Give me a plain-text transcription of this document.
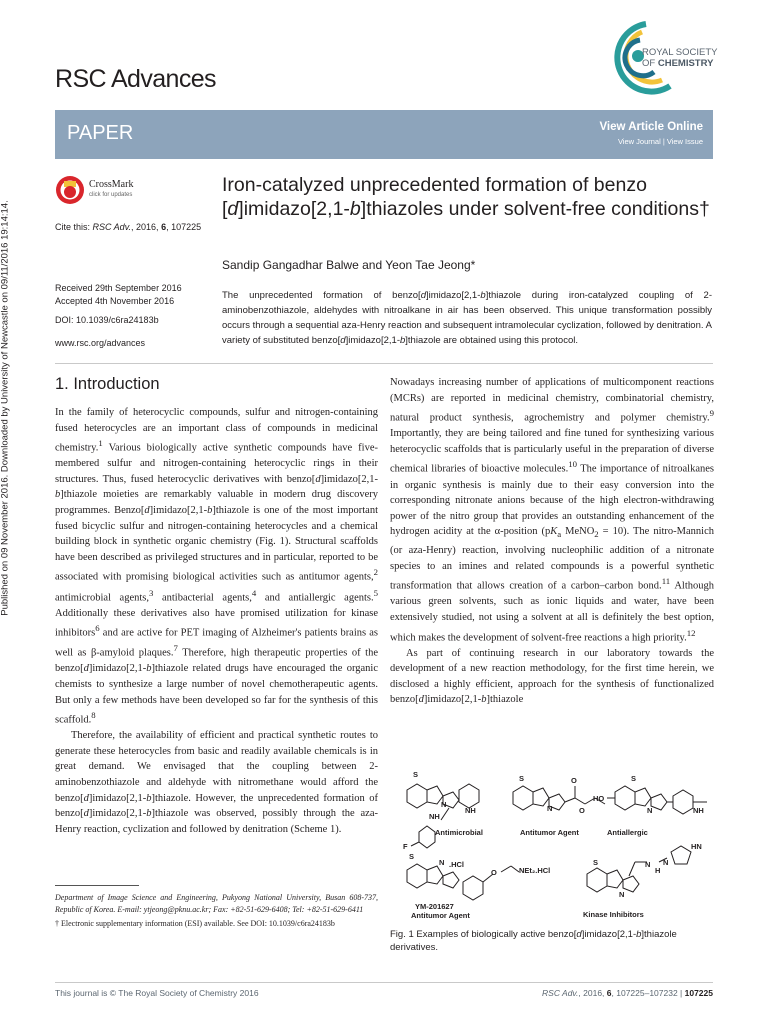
Published on 09 November 2016. Downloaded by University of Newcastle on 09/11/2016 19:14:14.
RSC Advances
ROYAL SOCIETY
OF CHEMISTRY
PAPER	View Article Online
View Journal | View Issue
CrossMark
click for updates
Cite this: RSC Adv., 2016, 6, 107225
Iron-catalyzed unprecedented formation of benzo [d]imidazo[2,1-b]thiazoles under solvent-free conditions†
Sandip Gangadhar Balwe and Yeon Tae Jeong*
Received 29th September 2016
Accepted 4th November 2016
DOI: 10.1039/c6ra24183b
www.rsc.org/advances
The unprecedented formation of benzo[d]imidazo[2,1-b]thiazole during iron-catalyzed coupling of 2-aminobenzothiazole, aldehydes with nitroalkane in air has been observed. This unique transformation possibly occurs through a sequential aza-Henry reaction and subsequent intramolecular cyclization, followed by denitration. A variety of substituted benzo[d]imidazo[2,1-b]thiazole are obtained using this protocol.
1. Introduction

In the family of heterocyclic compounds, sulfur and nitrogen-containing fused heterocycles are an important class of compounds in medicinal chemistry.$^1$ Various biologically active synthetic compounds have five-membered sulfur and nitrogen-containing heterocyclic rings in their structures. Thus, fused heterocyclic derivatives with benzo[d]imidazo[2,1-b]thiazole moieties are remarkably valuable in modern drug discovery programmes. Benzo[d]imidazo[2,1-b]thiazole is one of the most important fused bicyclic sulfur and nitrogen-containing heterocycles and a chemical building block in synthetic organic chemistry (Fig. 1). Structural scaffolds have been described as privileged structures and in particular, reported to be associated with promising biological activities such as antitumor agents,$^2$ antimicrobial agents,$^3$ antibacterial agents,$^4$ and antiallergic agents.$^5$ Additionally these derivatives also have promised utilization for kinase inhibitors$^6$ and are active for PET imaging of Alzheimer's patients brains as well as β-amyloid plaques.$^7$ Therefore, high therapeutic properties of the benzo[d]imidazo[2,1-b]thiazole related drugs have encouraged the organic chemists to synthesize a large number of novel chemotherapeutic agents. But only a few methods have been developed so far for the synthesis of this scaffold.$^8$

Therefore, the availability of efficient and practical synthetic routes to generate these heterocycles from basic and readily available chemicals is in great demand. We envisaged that the coupling between 2-aminobenzothiazole and aldehyde with nitromethane would afford the benzo[d]imidazo[2,1-b]thiazole. However, the unprecedented formation of benzo[d]imidazo[2,1-b]thiazole was observed, possibly through the aza-Henry reaction, cyclization and followed by denitration (Scheme 1).

Nowadays increasing number of applications of multicomponent reactions (MCRs) are reported in medicinal chemistry, combinatorial chemistry, natural product synthesis, agrochemistry and polymer chemistry.$^9$ Importantly, they are being tailored and fine tuned for synthesizing various heterocyclic scaffolds that is particularly useful in the preparation of diverse chemical libraries of bioactive molecules.$^{10}$ The importance of nitroalkanes in organic synthesis is mainly due to their easy conversion into the corresponding nitronate anions because of the high electron-withdrawing power of the nitro group that provides an outstanding enhancement of the hydrogen acidity at the α-position ($pK_a$ MeNO$_2$ = 10). The nitro-Mannich (or aza-Henry) reaction, involving nucleophilic addition of a nitronate species to an imines and related compounds is a powerful synthetic transformation that allows creation of a carbon–carbon bond.$^{11}$ Although various green solvents, such as ionic liquids and water, have been extensively studied, not using a solvent at all is definitely the best option, which makes the development of solvent-free reactions a high priority.$^{12}$

As part of continuing research in our laboratory towards the development of a new reaction methodology, for the first time herein, we disclosed a highly efficient, approach for the synthesis of functionalized benzo[d]imidazo[2,1-b]thiazole

S
N
NH
NH
F
S
N
O
O
S
HO
N	NH
S
N .HCl
O	NEt₂.HCl
S
N
N
H
N
HN
Antimicrobial	Antitumor Agent	Antiallergic
YM-201627
Antitumor Agent	Kinase Inhibitors
Fig. 1 Examples of biologically active benzo[d]imidazo[2,1-b]thiazole derivatives.
Department of Image Science and Engineering, Pukyong National University, Busan 608-737, Republic of Korea. E-mail: ytjeong@pknu.ac.kr; Fax: +82-51-629-6408; Tel: +82-51-629-6411
† Electronic supplementary information (ESI) available. See DOI: 10.1039/c6ra24183b
This journal is © The Royal Society of Chemistry 2016	RSC Adv., 2016, 6, 107225–107232 | 107225
